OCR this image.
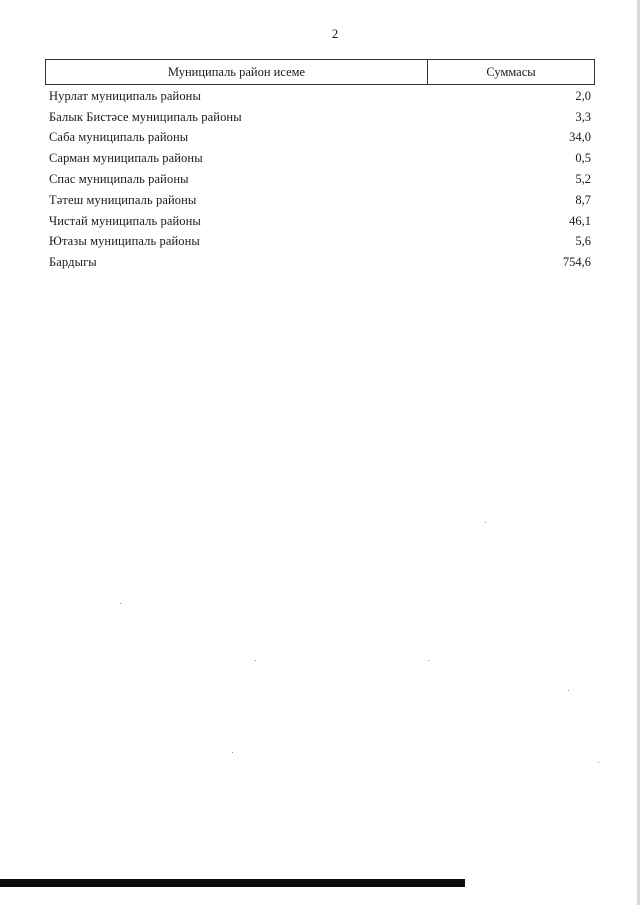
2
Муниципаль район исеме	Суммасы
Нурлат муниципаль районы	2,0
Балык Бистәсе муниципаль районы	3,3
Саба муниципаль районы	34,0
Сарман муниципаль районы	0,5
Спас муниципаль районы	5,2
Тәтеш муниципаль районы	8,7
Чистай муниципаль районы	46,1
Ютазы муниципаль районы	5,6
Бардыгы	754,6
